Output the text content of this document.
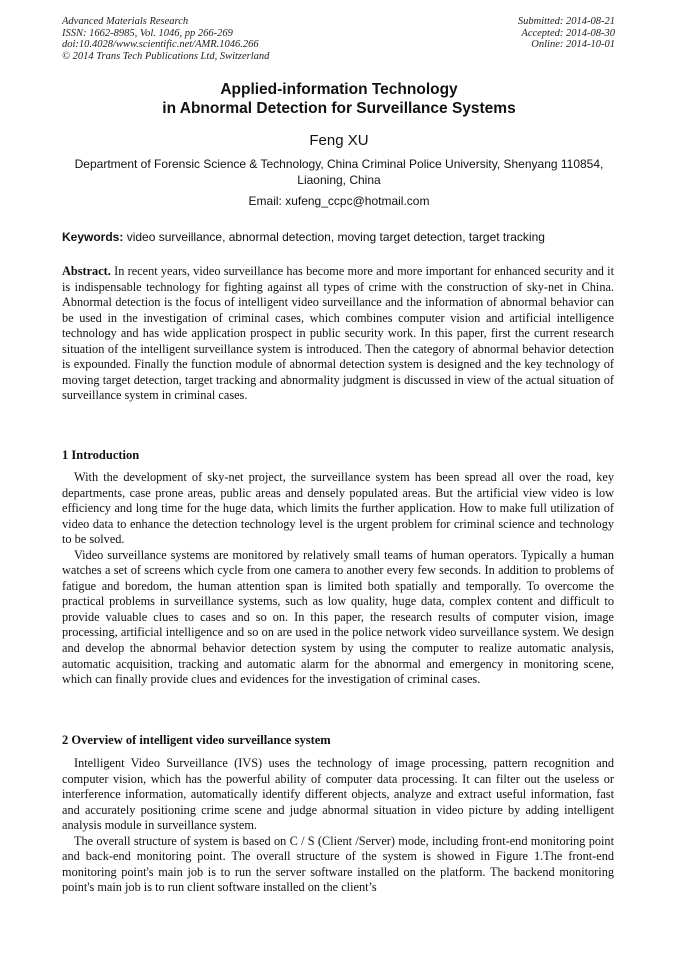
Advanced Materials Research
ISSN: 1662-8985, Vol. 1046, pp 266-269
doi:10.4028/www.scientific.net/AMR.1046.266
© 2014 Trans Tech Publications Ltd, Switzerland
Submitted: 2014-08-21
Accepted: 2014-08-30
Online: 2014-10-01
Applied-information Technology
in Abnormal Detection for Surveillance Systems
Feng XU
Department of Forensic Science & Technology, China Criminal Police University, Shenyang 110854, Liaoning, China
Email: xufeng_ccpc@hotmail.com
Keywords: video surveillance, abnormal detection, moving target detection, target tracking

Abstract. In recent years, video surveillance has become more and more important for enhanced security and it is indispensable technology for fighting against all types of crime with the construction of sky-net in China. Abnormal detection is the focus of intelligent video surveillance and the information of abnormal behavior can be used in the investigation of criminal cases, which combines computer vision and artificial intelligence technology and has wide application prospect in public security work. In this paper, first the current research situation of the intelligent surveillance system is introduced. Then the category of abnormal behavior detection is expounded. Finally the function module of abnormal detection system is designed and the key technology of moving target detection, target tracking and abnormality judgment is discussed in view of the actual situation of surveillance system in criminal cases.

1 Introduction

With the development of sky-net project, the surveillance system has been spread all over the road, key departments, case prone areas, public areas and densely populated areas. But the artificial view video is low efficiency and long time for the huge data, which limits the further application. How to make full utilization of video data to enhance the detection technology level is the urgent problem for criminal science and technology to be solved.

Video surveillance systems are monitored by relatively small teams of human operators. Typically a human watches a set of screens which cycle from one camera to another every few seconds. In addition to problems of fatigue and boredom, the human attention span is limited both spatially and temporally. To overcome the practical problems in surveillance systems, such as low quality, huge data, complex content and difficult to provide valuable clues to cases and so on. In this paper, the research results of computer vision, image processing, artificial intelligence and so on are used in the police network video surveillance system. We design and develop the abnormal behavior detection system by using the computer to realize automatic analysis, automatic acquisition, tracking and automatic alarm for the abnormal and emergency in monitoring scene, which can finally provide clues and evidences for the investigation of criminal cases.

2 Overview of intelligent video surveillance system

Intelligent Video Surveillance (IVS) uses the technology of image processing, pattern recognition and computer vision, which has the powerful ability of computer data processing. It can filter out the useless or interference information, automatically identify different objects, analyze and extract useful information, fast and accurately positioning crime scene and judge abnormal situation in video picture by adding intelligent analysis module in surveillance system.

The overall structure of system is based on C / S (Client /Server) mode, including front-end monitoring point and back-end monitoring point. The overall structure of the system is showed in Figure 1.The front-end monitoring point's main job is to run the server software installed on the platform. The backend monitoring point's main job is to run client software installed on the client’s
